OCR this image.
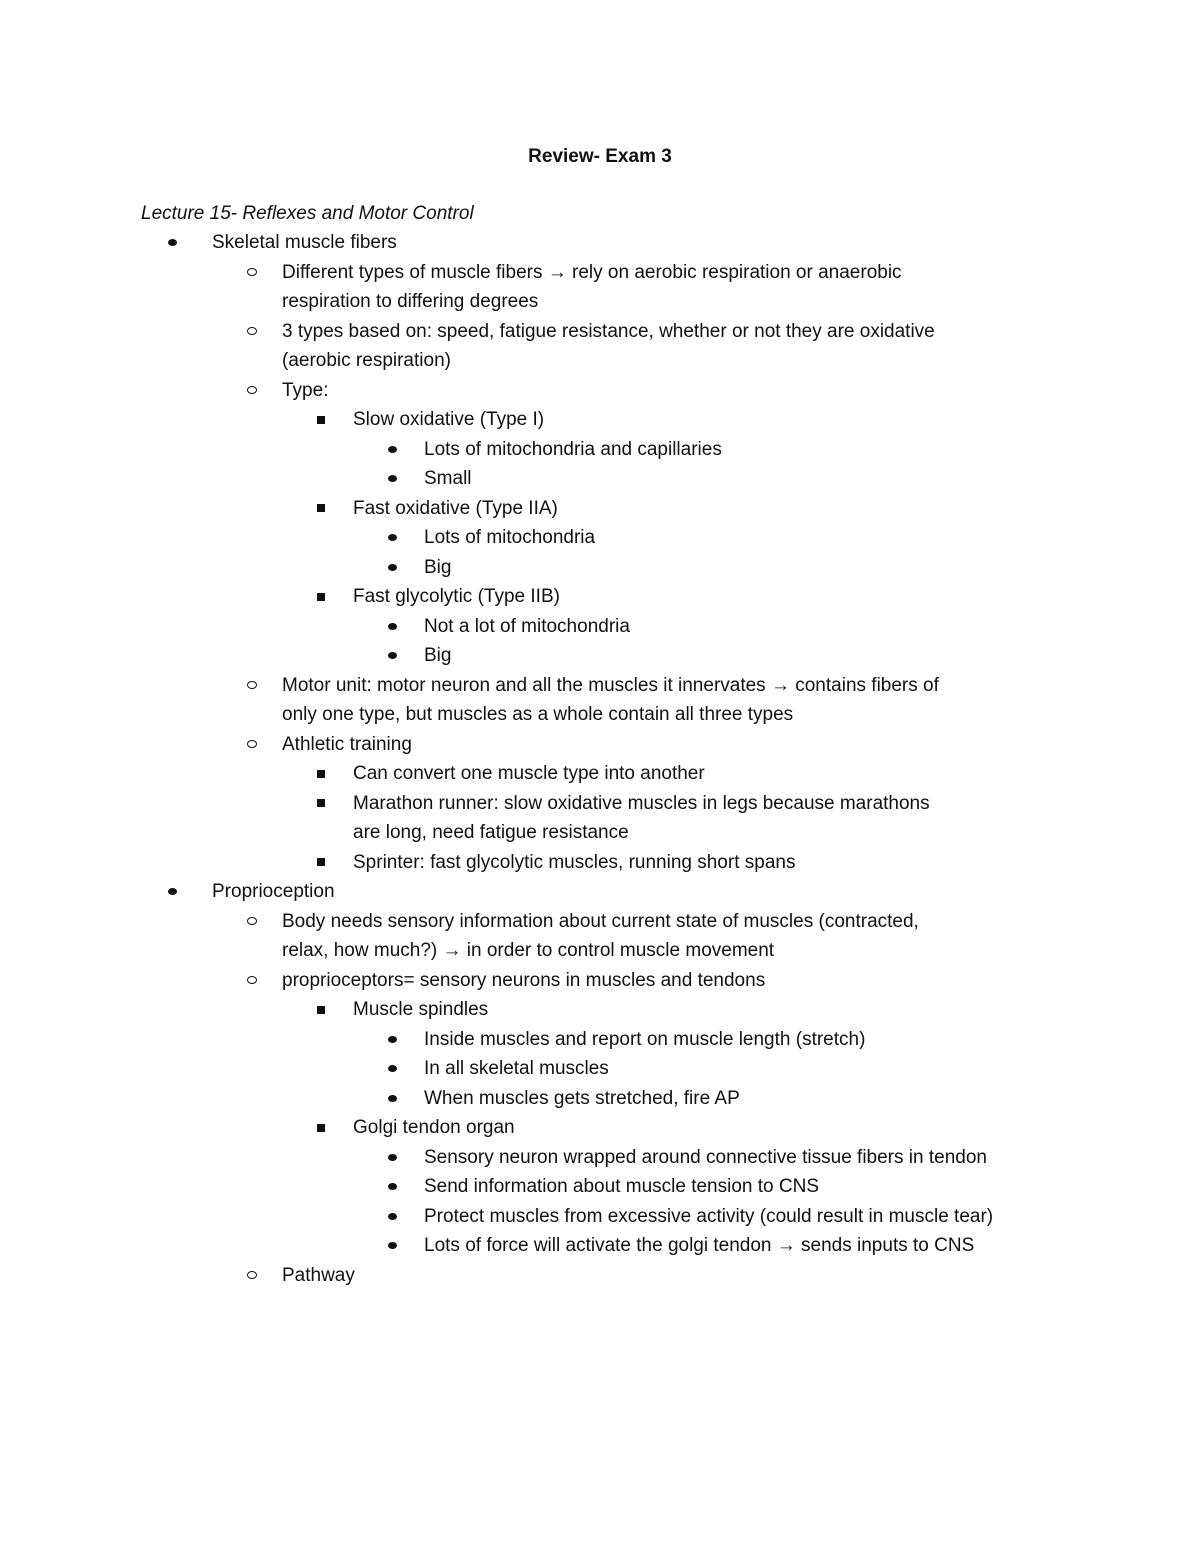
Review- Exam 3
Lecture 15- Reflexes and Motor Control
Skeletal muscle fibers
Different types of muscle fibers → rely on aerobic respiration or anaerobic respiration to differing degrees
3 types based on: speed, fatigue resistance, whether or not they are oxidative (aerobic respiration)
Type:
Slow oxidative (Type I)
Lots of mitochondria and capillaries
Small
Fast oxidative (Type IIA)
Lots of mitochondria
Big
Fast glycolytic (Type IIB)
Not a lot of mitochondria
Big
Motor unit: motor neuron and all the muscles it innervates → contains fibers of only one type, but muscles as a whole contain all three types
Athletic training
Can convert one muscle type into another
Marathon runner: slow oxidative muscles in legs because marathons are long, need fatigue resistance
Sprinter: fast glycolytic muscles, running short spans
Proprioception
Body needs sensory information about current state of muscles (contracted, relax, how much?) → in order to control muscle movement
proprioceptors= sensory neurons in muscles and tendons
Muscle spindles
Inside muscles and report on muscle length (stretch)
In all skeletal muscles
When muscles gets stretched, fire AP
Golgi tendon organ
Sensory neuron wrapped around connective tissue fibers in tendon
Send information about muscle tension to CNS
Protect muscles from excessive activity (could result in muscle tear)
Lots of force will activate the golgi tendon → sends inputs to CNS
Pathway
